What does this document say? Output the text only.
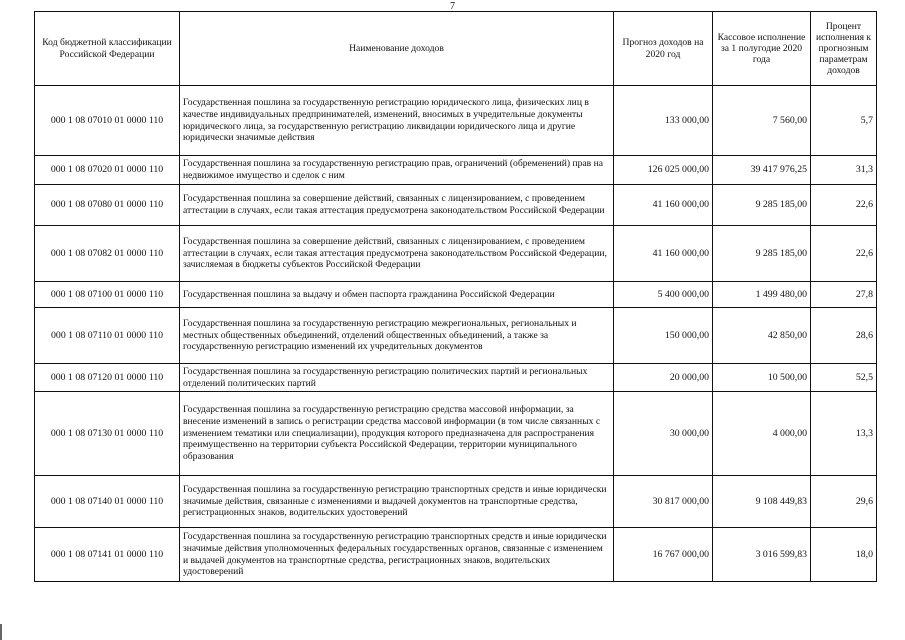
7
Код бюджетной классификации Российской Федерации	Наименование доходов	Прогноз доходов на 2020 год	Кассовое исполнение за 1 полугодие 2020 года	Процент исполнения к прогнозным параметрам доходов
000 1 08 07010 01 0000 110	Государственная пошлина за государственную регистрацию юридического лица, физических лиц в качестве индивидуальных предпринимателей, изменений, вносимых в учредительные документы юридического лица, за государственную регистрацию ликвидации юридического лица и другие юридически значимые действия	133 000,00	7 560,00	5,7
000 1 08 07020 01 0000 110	Государственная пошлина за государственную регистрацию прав, ограничений (обременений) прав на недвижимое имущество и сделок с ним	126 025 000,00	39 417 976,25	31,3
000 1 08 07080 01 0000 110	Государственная пошлина за совершение действий, связанных с лицензированием, с проведением аттестации в случаях, если такая аттестация предусмотрена законодательством Российской Федерации	41 160 000,00	9 285 185,00	22,6
000 1 08 07082 01 0000 110	Государственная пошлина за совершение действий, связанных с лицензированием, с проведением аттестации в случаях, если такая аттестация предусмотрена законодательством Российской Федерации, зачисляемая в бюджеты субъектов Российской Федерации	41 160 000,00	9 285 185,00	22,6
000 1 08 07100 01 0000 110	Государственная пошлина за выдачу и обмен паспорта гражданина Российской Федерации	5 400 000,00	1 499 480,00	27,8
000 1 08 07110 01 0000 110	Государственная пошлина за государственную регистрацию межрегиональных, региональных и местных общественных объединений, отделений общественных объединений, а также за государственную регистрацию изменений их учредительных документов	150 000,00	42 850,00	28,6
000 1 08 07120 01 0000 110	Государственная пошлина за государственную регистрацию политических партий и региональных отделений политических партий	20 000,00	10 500,00	52,5
000 1 08 07130 01 0000 110	Государственная пошлина за государственную регистрацию средства массовой информации, за внесение изменений в запись о регистрации средства массовой информации (в том числе связанных с изменением тематики или специализации), продукция которого предназначена для распространения преимущественно на территории субъекта Российской Федерации, территории муниципального образования	30 000,00	4 000,00	13,3
000 1 08 07140 01 0000 110	Государственная пошлина за государственную регистрацию транспортных средств и иные юридически значимые действия, связанные с изменениями и выдачей документов на транспортные средства, регистрационных знаков, водительских удостоверений	30 817 000,00	9 108 449,83	29,6
000 1 08 07141 01 0000 110	Государственная пошлина за государственную регистрацию транспортных средств и иные юридически значимые действия уполномоченных федеральных государственных органов, связанные с изменением и выдачей документов на транспортные средства, регистрационных знаков, водительских удостоверений	16 767 000,00	3 016 599,83	18,0
